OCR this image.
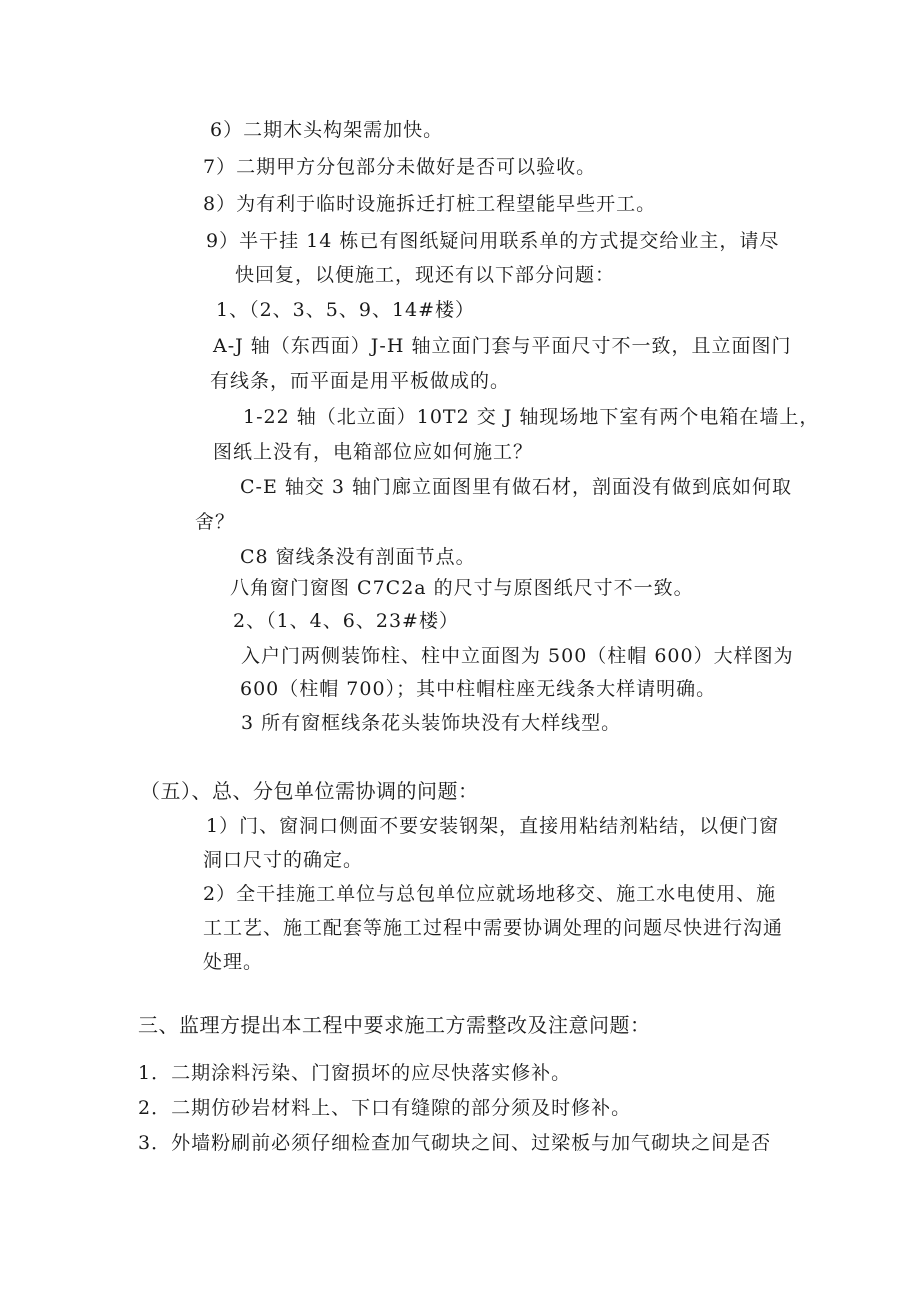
6）二期木头构架需加快。
7）二期甲方分包部分未做好是否可以验收。
8）为有利于临时设施拆迁打桩工程望能早些开工。
9）半干挂 14 栋已有图纸疑问用联系单的方式提交给业主，请尽
快回复，以便施工，现还有以下部分问题：
1、（2、3、5、9、14#楼）
A-J 轴（东西面）J-H 轴立面门套与平面尺寸不一致，且立面图门
有线条，而平面是用平板做成的。
1-22 轴（北立面）10T2 交 J 轴现场地下室有两个电箱在墙上，
图纸上没有，电箱部位应如何施工？
C-E 轴交 3 轴门廊立面图里有做石材，剖面没有做到底如何取
舍？
C8 窗线条没有剖面节点。
八角窗门窗图 C7C2a 的尺寸与原图纸尺寸不一致。
2、（1、4、6、23#楼）
入户门两侧装饰柱、柱中立面图为 500（柱帽 600）大样图为
600（柱帽 700）；其中柱帽柱座无线条大样请明确。
3 所有窗框线条花头装饰块没有大样线型。
（五）、总、分包单位需协调的问题：
1）门、窗洞口侧面不要安装钢架，直接用粘结剂粘结，以便门窗
洞口尺寸的确定。
2）全干挂施工单位与总包单位应就场地移交、施工水电使用、施
工工艺、施工配套等施工过程中需要协调处理的问题尽快进行沟通
处理。
三、监理方提出本工程中要求施工方需整改及注意问题：
1．二期涂料污染、门窗损坏的应尽快落实修补。
2．二期仿砂岩材料上、下口有缝隙的部分须及时修补。
3．外墙粉刷前必须仔细检查加气砌块之间、过梁板与加气砌块之间是否
